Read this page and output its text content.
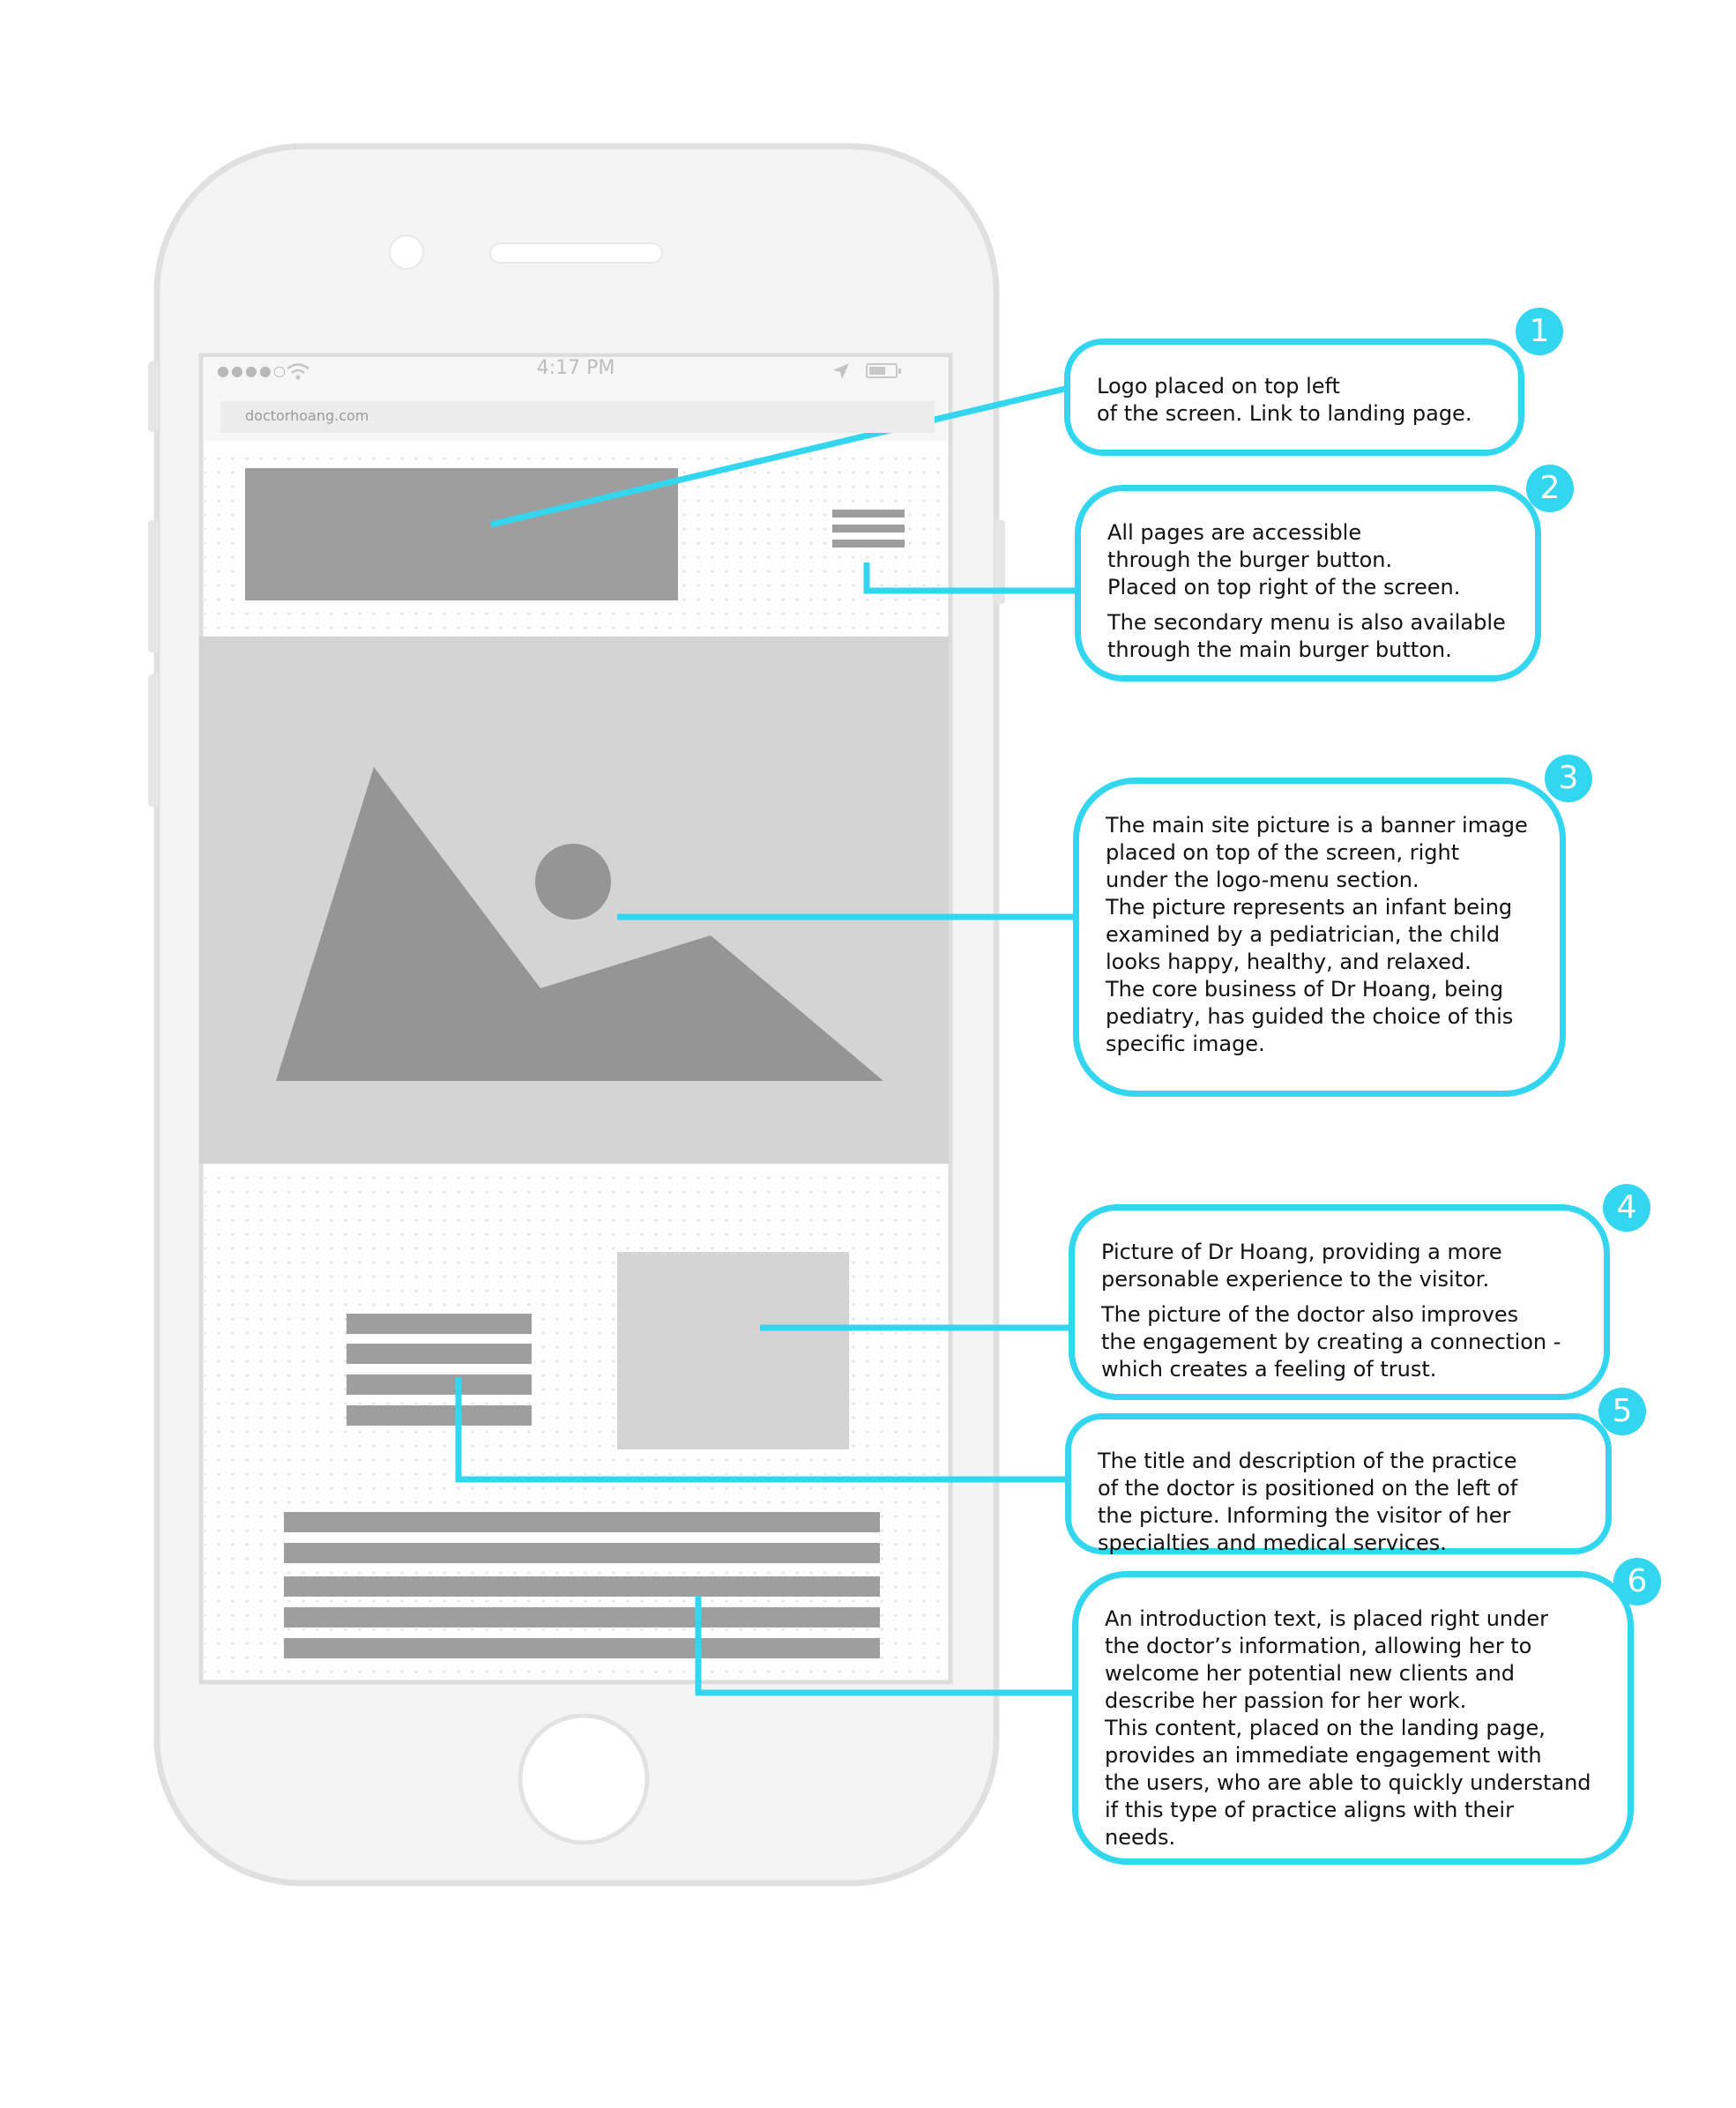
●●●●○	4:17 PM
doctorhoang.com

Logo placed on top left
of the screen. Link to landing page.

1

All pages are accessible
through the burger button.
Placed on top right of the screen.

The secondary menu is also available
through the main burger button.

2

The main site picture is a banner image
placed on top of the screen, right
under the logo-menu section.
The picture represents an infant being
examined by a pediatrician, the child
looks happy, healthy, and relaxed.
The core business of Dr Hoang, being
pediatry, has guided the choice of this
specific image.

3

Picture of Dr Hoang, providing a more
personable experience to the visitor.

The picture of the doctor also improves
the engagement by creating a connection -
which creates a feeling of trust.

4

The title and description of the practice
of the doctor is positioned on the left of
the picture. Informing the visitor of her
specialties and medical services.

5

An introduction text, is placed right under
the doctor’s information, allowing her to
welcome her potential new clients and
describe her passion for her work.
This content, placed on the landing page,
provides an immediate engagement with
the users, who are able to quickly understand
if this type of practice aligns with their
needs.

6
